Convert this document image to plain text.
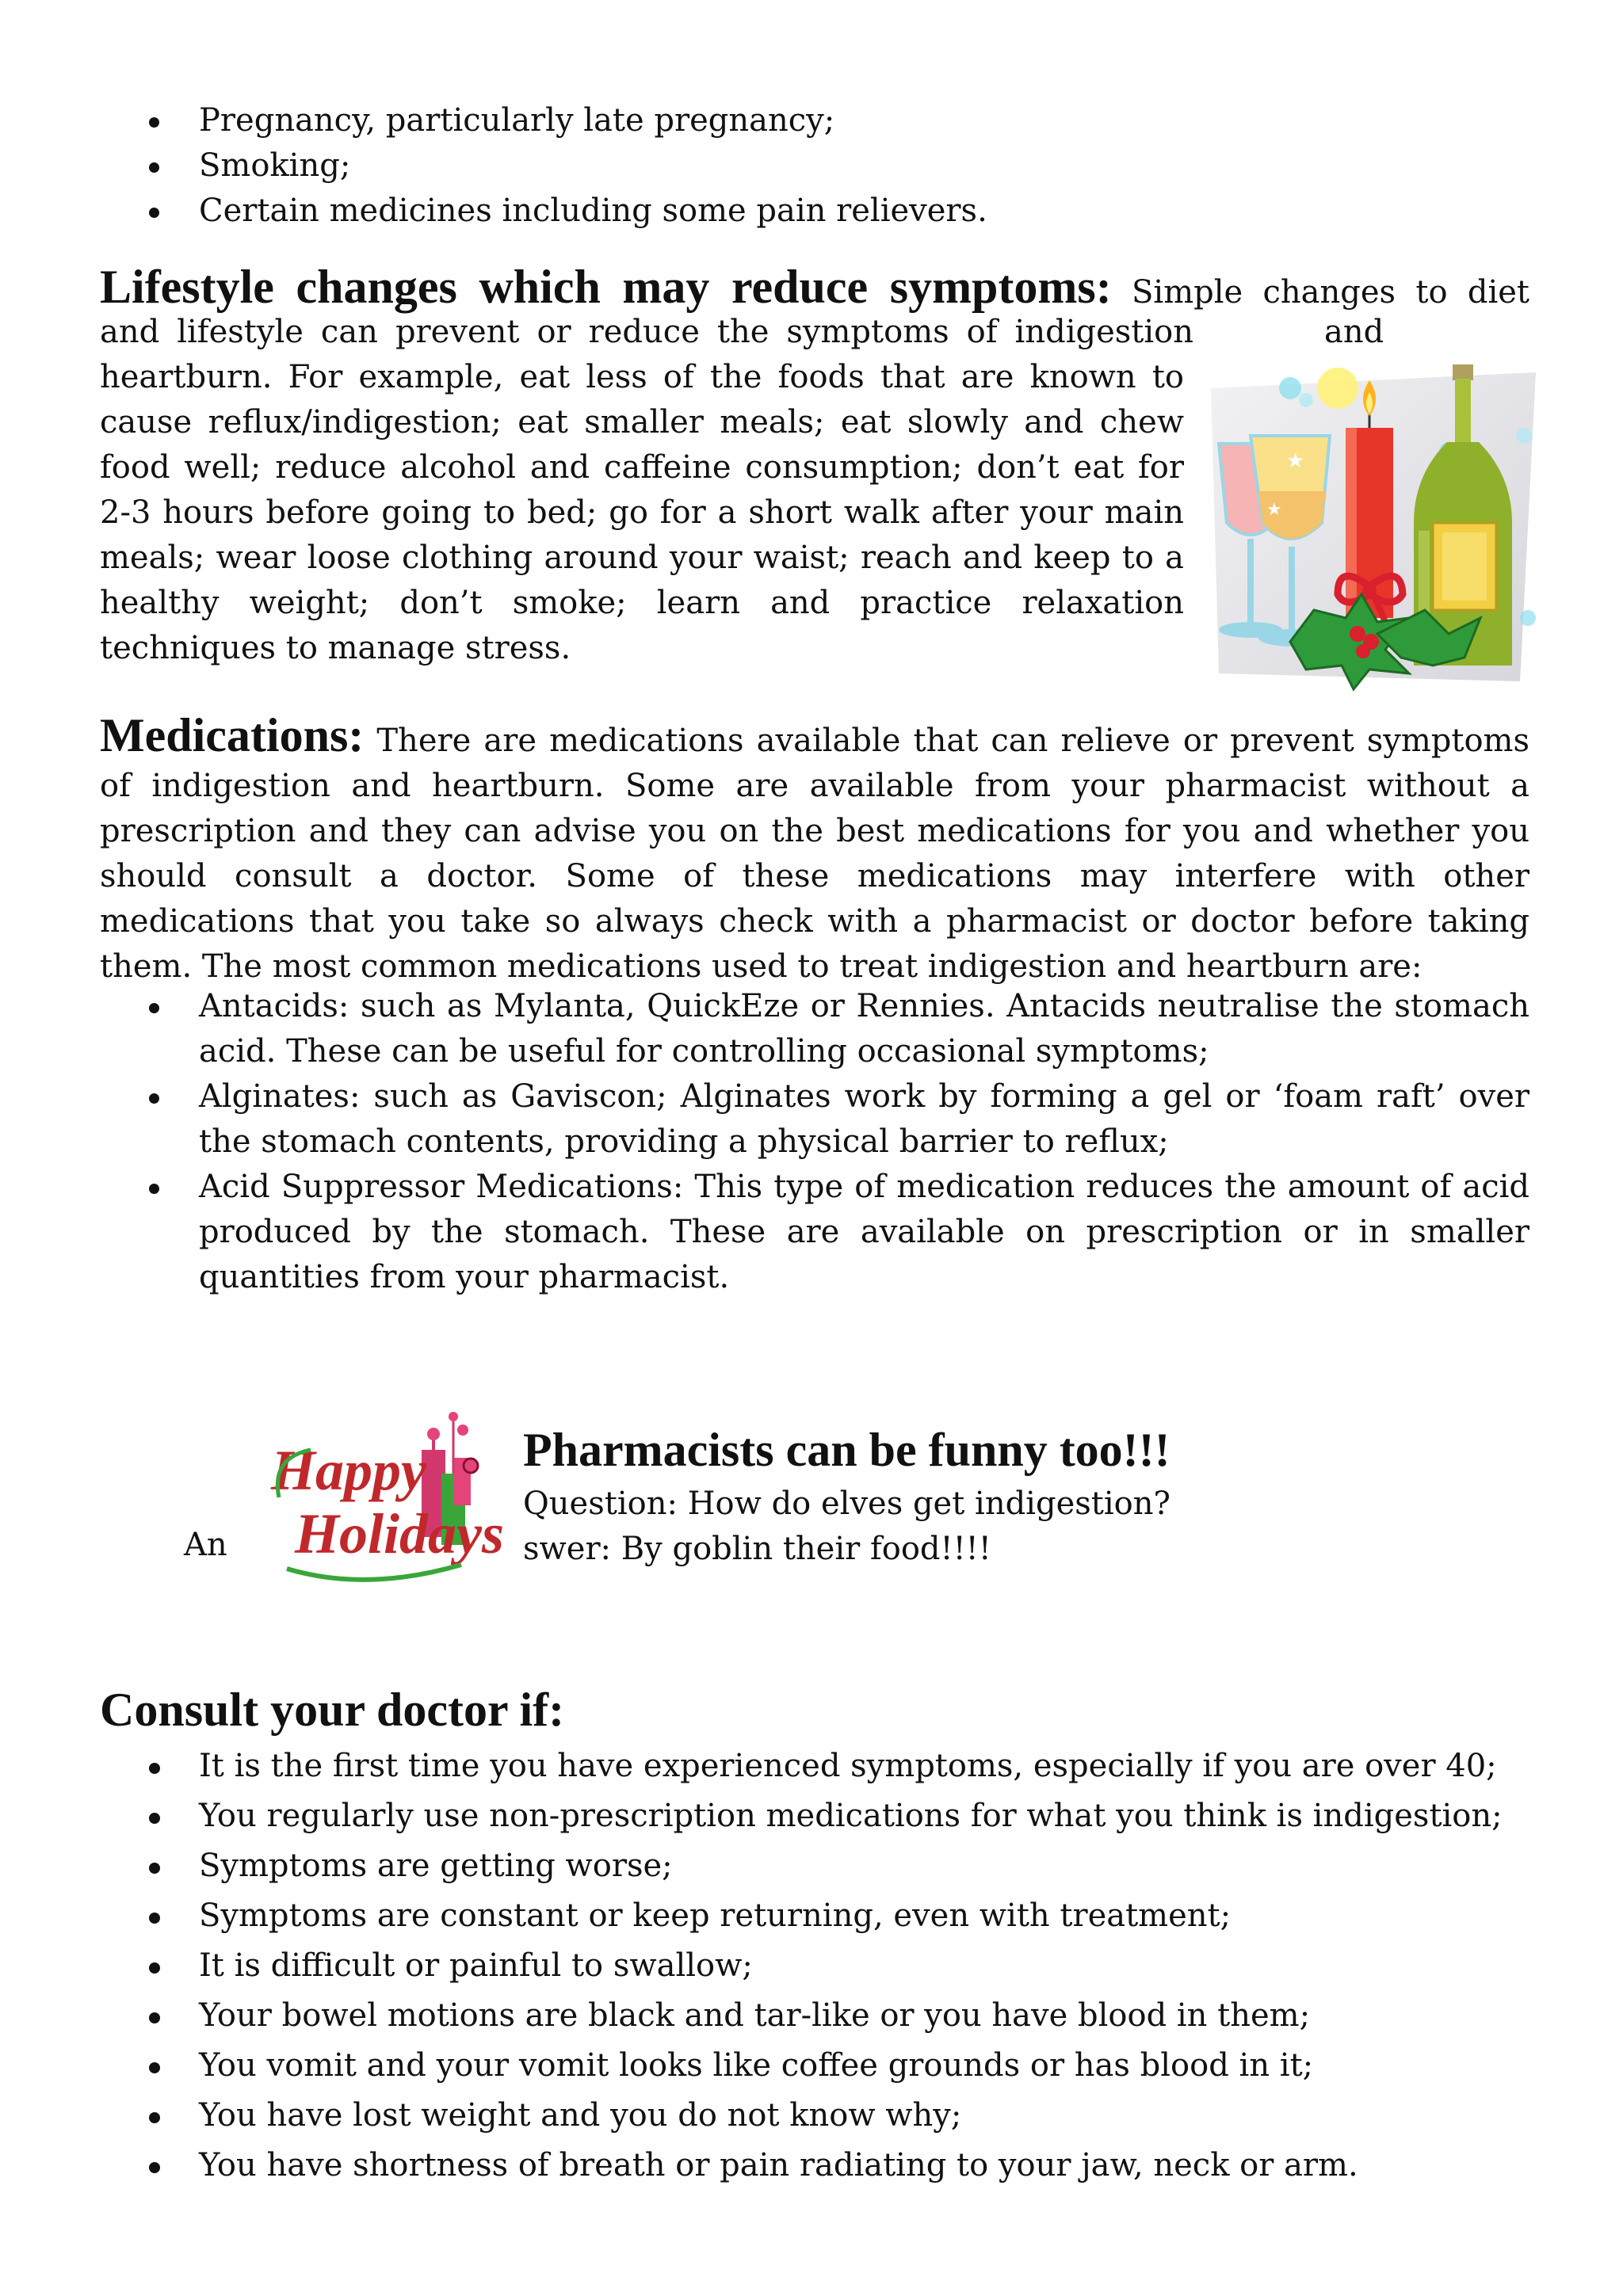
Pregnancy, particularly late pregnancy;
Smoking;
Certain medicines including some pain relievers.
Lifestyle changes which may reduce symptoms: Simple changes to diet
and lifestyle can prevent or reduce the symptoms of indigestion	and
heartburn. For example, eat less of the foods that are known to cause reflux/indigestion; eat smaller meals; eat slowly and chew food well; reduce alcohol and caffeine consumption; don’t eat for 2-3 hours before going to bed; go for a short walk after your main meals; wear loose clothing around your waist; reach and keep to a healthy weight; don’t smoke; learn and practice relaxation techniques to manage stress.
★
★
Medications: There are medications available that can relieve or prevent symptoms of indigestion and heartburn. Some are available from your pharmacist without a prescription and they can advise you on the best medications for you and whether you should consult a doctor. Some of these medications may interfere with other medications that you take so always check with a pharmacist or doctor before taking them. The most common medications used to treat indigestion and heartburn are:
Antacids: such as Mylanta, QuickEze or Rennies. Antacids neutralise the stomach acid. These can be useful for controlling occasional symptoms;
Alginates: such as Gaviscon; Alginates work by forming a gel or ‘foam raft’ over the stomach contents, providing a physical barrier to reflux;
Acid Suppressor Medications: This type of medication reduces the amount of acid produced by the stomach. These are available on prescription or in smaller quantities from your pharmacist.
Happy
Holidays
An
Pharmacists can be funny too!!!
Question: How do elves get indigestion?
swer: By goblin their food!!!!
Consult your doctor if:
It is the first time you have experienced symptoms, especially if you are over 40;
You regularly use non-prescription medications for what you think is indigestion;
Symptoms are getting worse;
Symptoms are constant or keep returning, even with treatment;
It is difficult or painful to swallow;
Your bowel motions are black and tar-like or you have blood in them;
You vomit and your vomit looks like coffee grounds or has blood in it;
You have lost weight and you do not know why;
You have shortness of breath or pain radiating to your jaw, neck or arm.
